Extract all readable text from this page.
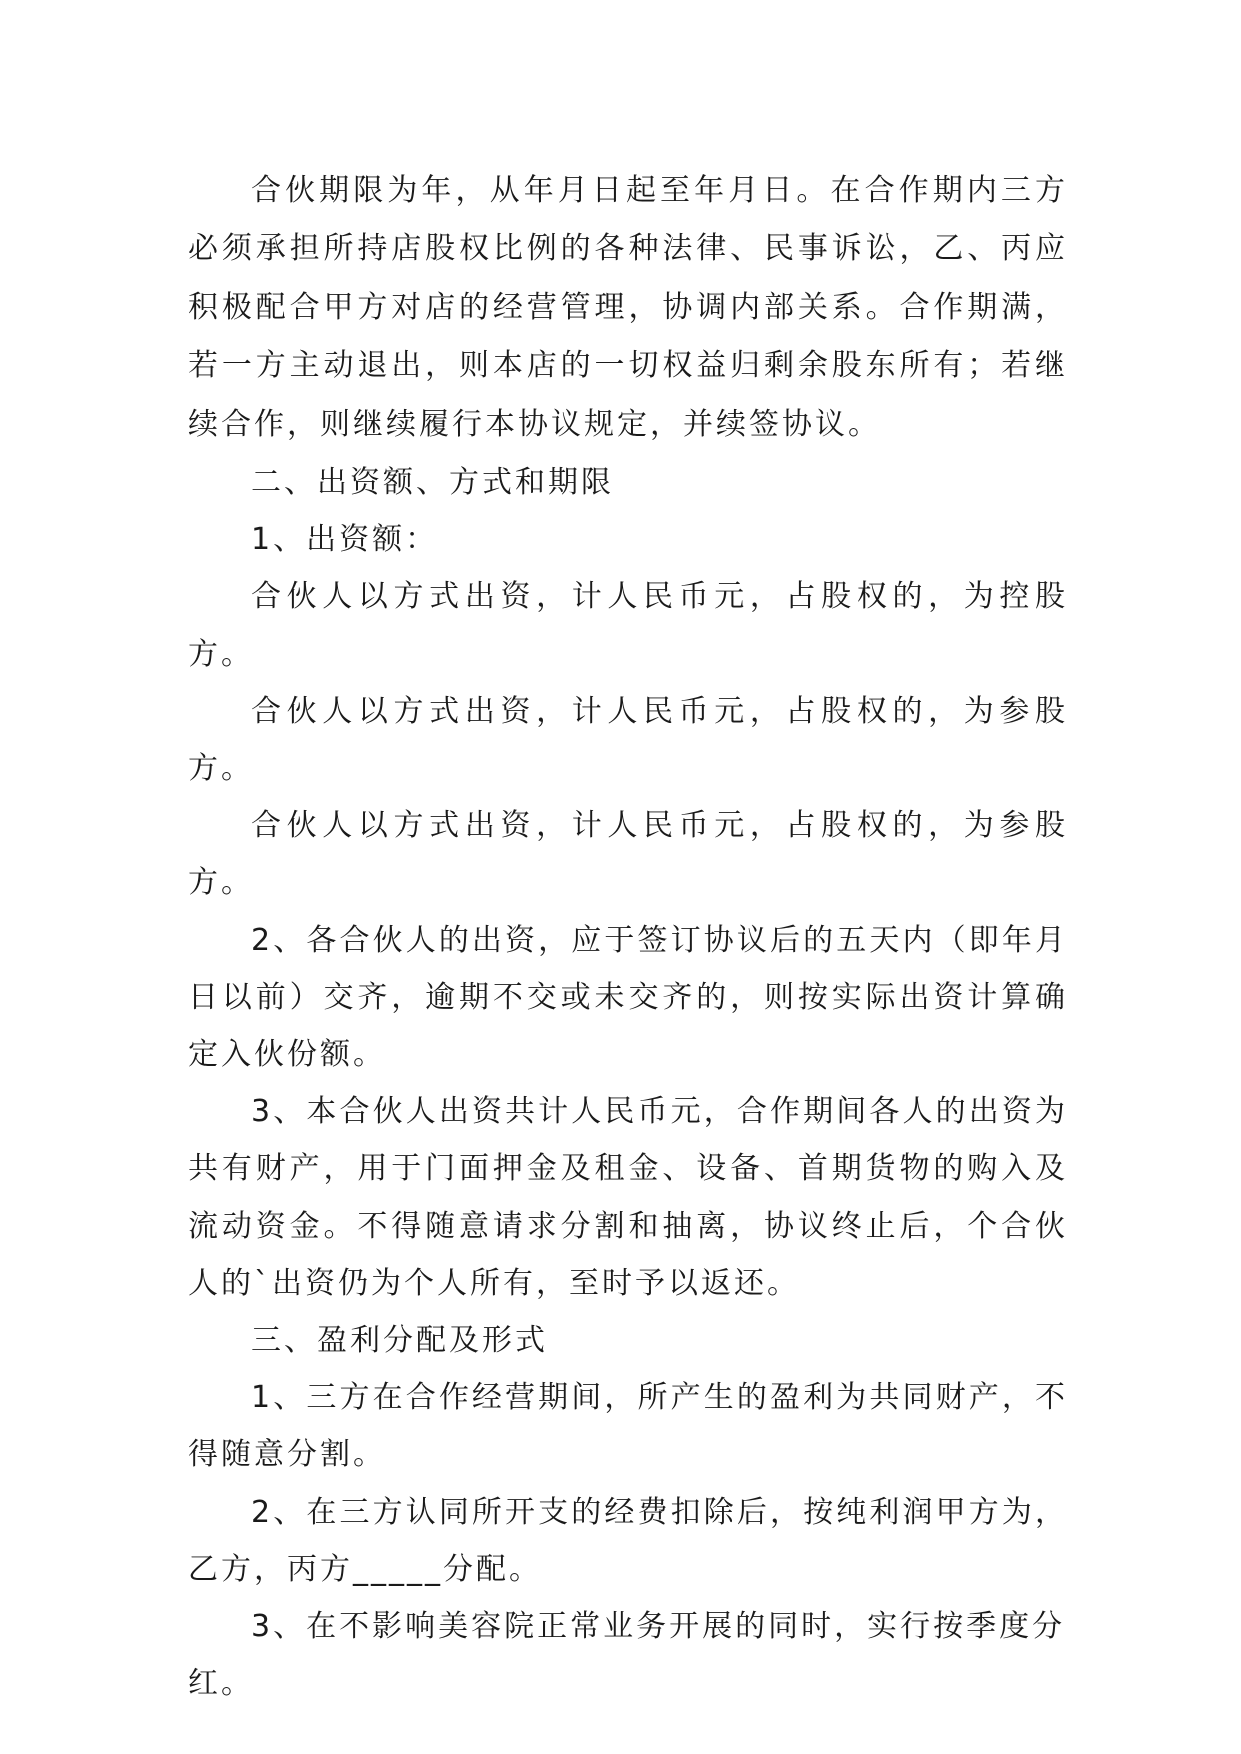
合伙期限为年，从年月日起至年月日。在合作期内三方必须承担所持店股权比例的各种法律、民事诉讼，乙、丙应积极配合甲方对店的经营管理，协调内部关系。合作期满，若一方主动退出，则本店的一切权益归剩余股东所有；若继续合作，则继续履行本协议规定，并续签协议。

二、出资额、方式和期限

1、出资额：

合伙人以方式出资，计人民币元，占股权的，为控股方。

合伙人以方式出资，计人民币元，占股权的，为参股方。

合伙人以方式出资，计人民币元，占股权的，为参股方。

2、各合伙人的出资，应于签订协议后的五天内（即年月日以前）交齐，逾期不交或未交齐的，则按实际出资计算确定入伙份额。

3、本合伙人出资共计人民币元，合作期间各人的出资为共有财产，用于门面押金及租金、设备、首期货物的购入及流动资金。不得随意请求分割和抽离，协议终止后，个合伙人的`出资仍为个人所有，至时予以返还。

三、盈利分配及形式

1、三方在合作经营期间，所产生的盈利为共同财产，不得随意分割。

2、在三方认同所开支的经费扣除后，按纯利润甲方为，乙方，丙方_____分配。

3、在不影响美容院正常业务开展的同时，实行按季度分红。
